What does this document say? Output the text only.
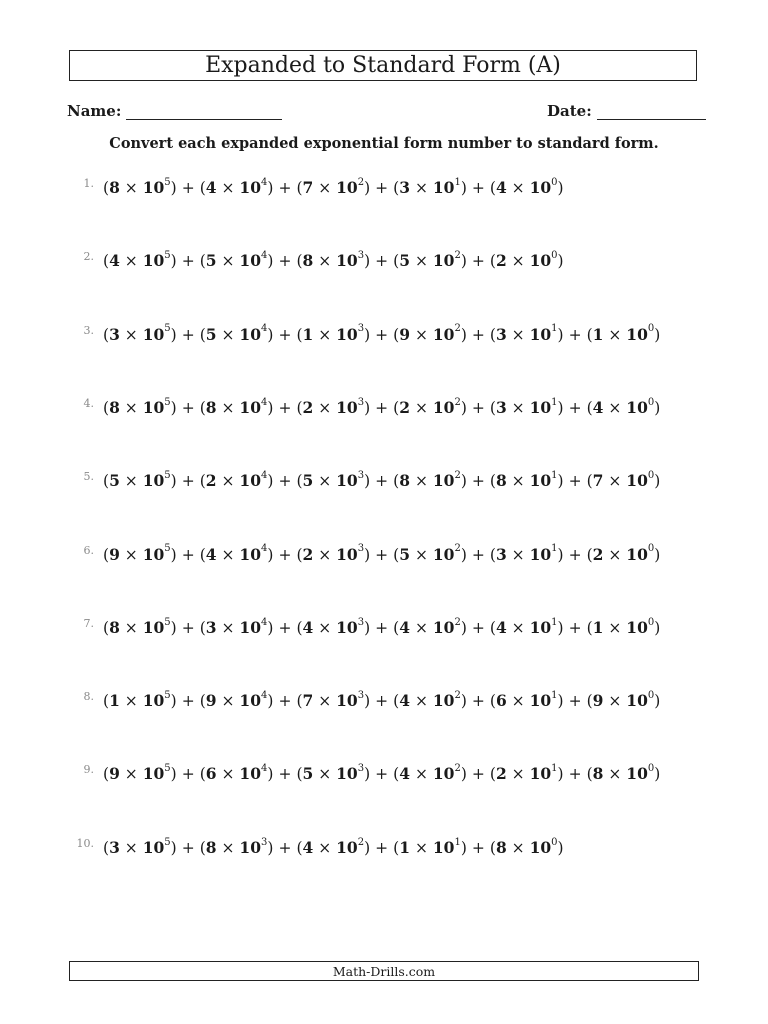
Expanded to Standard Form (A)
Name:	Date:
Convert each expanded exponential form number to standard form.
1. $(8 \times 10^5) + (4 \times 10^4) + (7 \times 10^2) + (3 \times 10^1) + (4 \times 10^0)$
2. $(4 \times 10^5) + (5 \times 10^4) + (8 \times 10^3) + (5 \times 10^2) + (2 \times 10^0)$
3. $(3 \times 10^5) + (5 \times 10^4) + (1 \times 10^3) + (9 \times 10^2) + (3 \times 10^1) + (1 \times 10^0)$
4. $(8 \times 10^5) + (8 \times 10^4) + (2 \times 10^3) + (2 \times 10^2) + (3 \times 10^1) + (4 \times 10^0)$
5. $(5 \times 10^5) + (2 \times 10^4) + (5 \times 10^3) + (8 \times 10^2) + (8 \times 10^1) + (7 \times 10^0)$
6. $(9 \times 10^5) + (4 \times 10^4) + (2 \times 10^3) + (5 \times 10^2) + (3 \times 10^1) + (2 \times 10^0)$
7. $(8 \times 10^5) + (3 \times 10^4) + (4 \times 10^3) + (4 \times 10^2) + (4 \times 10^1) + (1 \times 10^0)$
8. $(1 \times 10^5) + (9 \times 10^4) + (7 \times 10^3) + (4 \times 10^2) + (6 \times 10^1) + (9 \times 10^0)$
9. $(9 \times 10^5) + (6 \times 10^4) + (5 \times 10^3) + (4 \times 10^2) + (2 \times 10^1) + (8 \times 10^0)$
10. $(3 \times 10^5) + (8 \times 10^3) + (4 \times 10^2) + (1 \times 10^1) + (8 \times 10^0)$
Math-Drills.com
